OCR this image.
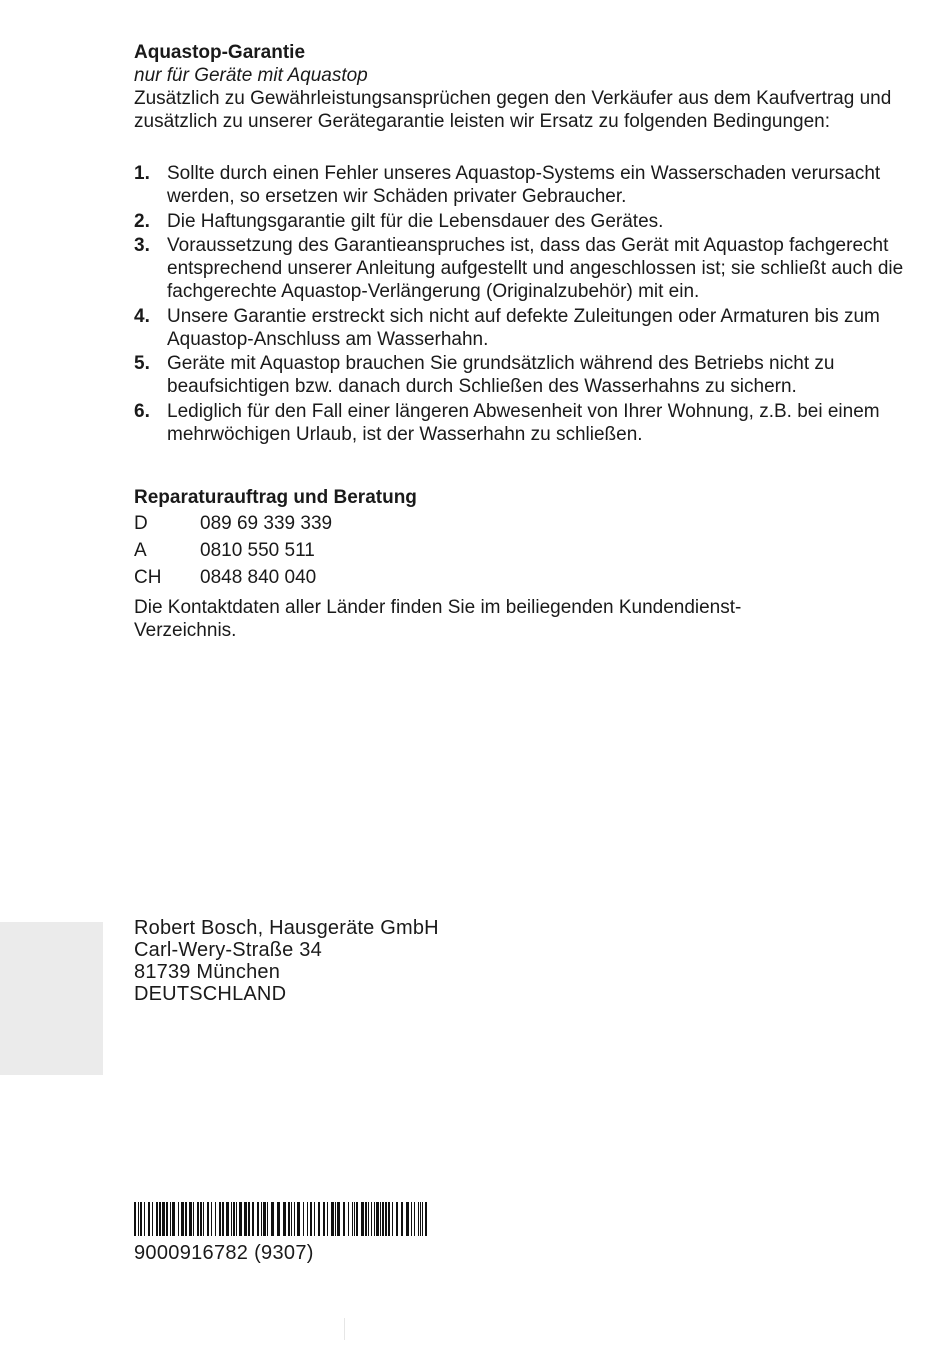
Aquastop-Garantie
nur für Geräte mit Aquastop
Zusätzlich zu Gewährleistungsansprüchen gegen den Verkäufer aus dem Kaufvertrag und zusätzlich zu unserer Gerätegarantie leisten wir Ersatz zu folgenden Bedingungen:
1. Sollte durch einen Fehler unseres Aquastop-Systems ein Wasserschaden verursacht werden, so ersetzen wir Schäden privater Gebraucher.
2. Die Haftungsgarantie gilt für die Lebensdauer des Gerätes.
3. Voraussetzung des Garantieanspruches ist, dass das Gerät mit Aquastop fachgerecht entsprechend unserer Anleitung aufgestellt und angeschlossen ist; sie schließt auch die fachgerechte Aquastop-Verlängerung (Originalzubehör) mit ein.
4. Unsere Garantie erstreckt sich nicht auf defekte Zuleitungen oder Armaturen bis zum Aquastop-Anschluss am Wasserhahn.
5. Geräte mit Aquastop brauchen Sie grundsätzlich während des Betriebs nicht zu beaufsichtigen bzw. danach durch Schließen des Wasserhahns zu sichern.
6. Lediglich für den Fall einer längeren Abwesenheit von Ihrer Wohnung, z.B. bei einem mehrwöchigen Urlaub, ist der Wasserhahn zu schließen.
Reparaturauftrag und Beratung
D	089 69 339 339
A	0810 550 511
CH 0848 840 040
Die Kontaktdaten aller Länder finden Sie im beiliegenden Kundendienst-Verzeichnis.
Robert Bosch, Hausgeräte GmbH
Carl-Wery-Straße 34
81739 München
DEUTSCHLAND
9000916782 (9307)
